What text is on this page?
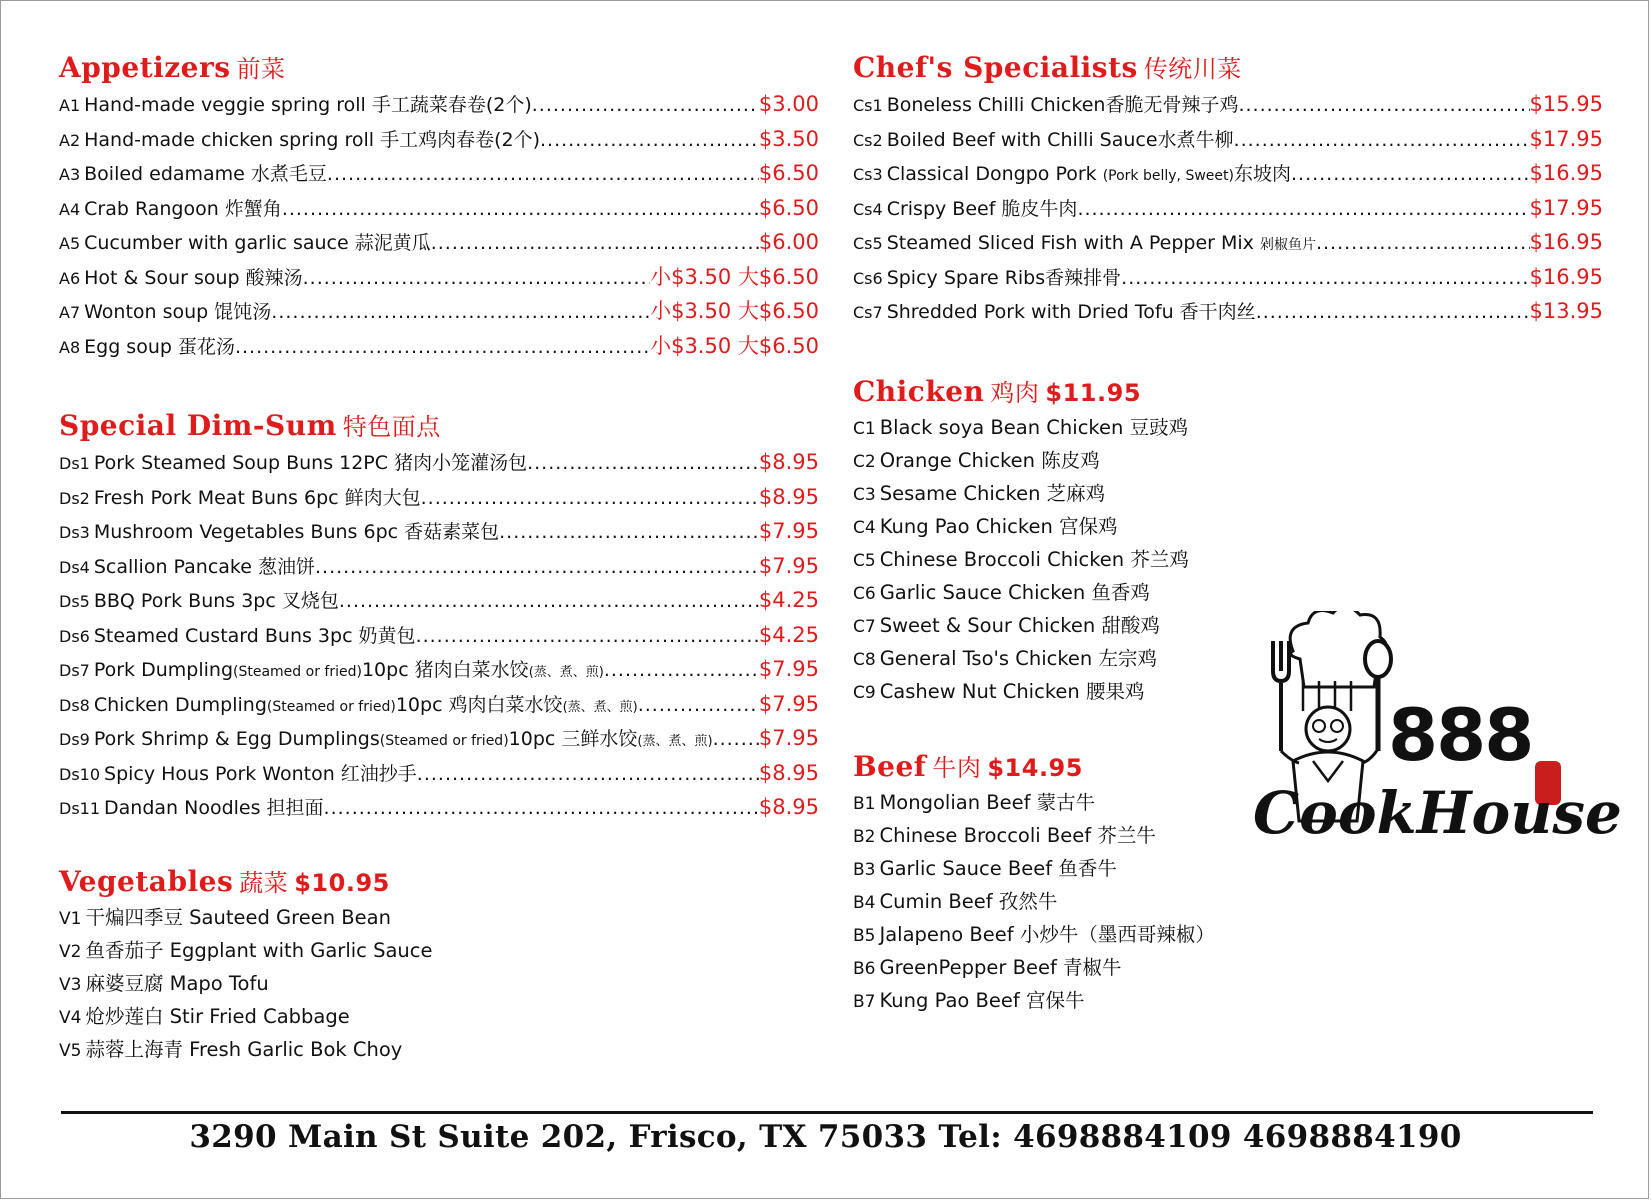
Appetizers 前菜
A1 Hand-made veggie spring roll 手工蔬菜春卷(2个) .....	$3.00
A2 Hand-made chicken spring roll 手工鸡肉春卷(2个) .....	$3.50
A3 Boiled edamame 水煮毛豆 .....	$6.50
A4 Crab Rangoon 炸蟹角 .....	$6.50
A5 Cucumber with garlic sauce 蒜泥黄瓜 .....	$6.00
A6 Hot & Sour soup 酸辣汤 .....	小$3.50 大$6.50
A7 Wonton soup 馄饨汤 .....	小$3.50 大$6.50
A8 Egg soup 蛋花汤 .....	小$3.50 大$6.50
Special Dim-Sum 特色面点
Ds1 Pork Steamed Soup Buns 12PC 猪肉小笼灌汤包 .....	$8.95
Ds2 Fresh Pork Meat Buns 6pc 鲜肉大包 .....	$8.95
Ds3 Mushroom Vegetables Buns 6pc 香菇素菜包 .....	$7.95
Ds4 Scallion Pancake 葱油饼 .....	$7.95
Ds5 BBQ Pork Buns 3pc 叉烧包 .....	$4.25
Ds6 Steamed Custard Buns 3pc 奶黄包 .....	$4.25
Ds7 Pork Dumpling(Steamed or fried)10pc 猪肉白菜水饺(蒸、煮、煎) .....	$7.95
Ds8 Chicken Dumpling(Steamed or fried)10pc 鸡肉白菜水饺(蒸、煮、煎) .....	$7.95
Ds9 Pork Shrimp & Egg Dumplings(Steamed or fried)10pc 三鲜水饺(蒸、煮、煎) ..... $7.95
Ds10 Spicy Hous Pork Wonton 红油抄手 .....	$8.95
Ds11 Dandan Noodles 担担面 .....	$8.95
Vegetables 蔬菜 $10.95
V1 干煸四季豆 Sauteed Green Bean
V2 鱼香茄子 Eggplant with Garlic Sauce
V3 麻婆豆腐 Mapo Tofu
V4 炝炒莲白 Stir Fried Cabbage
V5 蒜蓉上海青 Fresh Garlic Bok Choy
Chef's Specialists 传统川菜
Cs1 Boneless Chilli Chicken香脆无骨辣子鸡 .....	$15.95
Cs2 Boiled Beef with Chilli Sauce水煮牛柳 .....	$17.95
Cs3 Classical Dongpo Pork (Pork belly, Sweet)东坡肉 .....	$16.95
Cs4 Crispy Beef 脆皮牛肉 .....	$17.95
Cs5 Steamed Sliced Fish with A Pepper Mix 剁椒鱼片 .....	$16.95
Cs6 Spicy Spare Ribs香辣排骨 .....	$16.95
Cs7 Shredded Pork with Dried Tofu 香干肉丝 .....	$13.95
Chicken 鸡肉 $11.95
C1 Black soya Bean Chicken 豆豉鸡
C2 Orange Chicken 陈皮鸡
C3 Sesame Chicken 芝麻鸡
C4 Kung Pao Chicken 宫保鸡
C5 Chinese Broccoli Chicken 芥兰鸡
C6 Garlic Sauce Chicken 鱼香鸡
C7 Sweet & Sour Chicken 甜酸鸡
C8 General Tso's Chicken 左宗鸡
C9 Cashew Nut Chicken 腰果鸡
Beef 牛肉 $14.95
B1 Mongolian Beef 蒙古牛
B2 Chinese Broccoli Beef 芥兰牛
B3 Garlic Sauce Beef 鱼香牛
B4 Cumin Beef 孜然牛
B5 Jalapeno Beef 小炒牛（墨西哥辣椒）
B6 GreenPepper Beef 青椒牛
B7 Kung Pao Beef 宫保牛
888
CookHouse
3290 Main St Suite 202, Frisco, TX 75033 Tel: 4698884109 4698884190
